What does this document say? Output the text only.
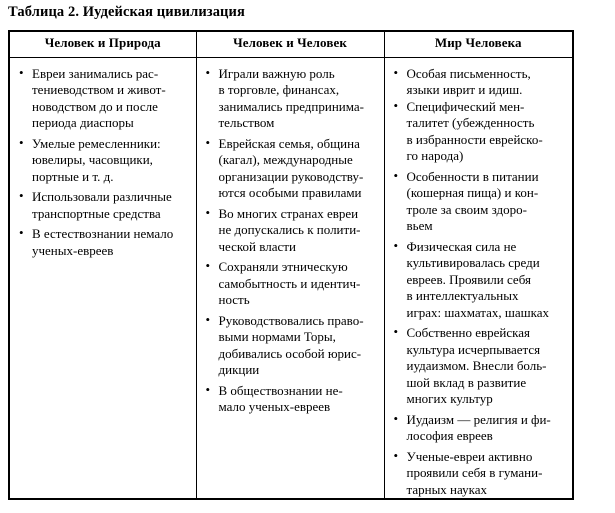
Таблица 2. Иудейская цивилизация
Человек и Природа	Человек и Человек	Мир Человека

• Евреи занимались рас-
тениеводством и живот-
новодством до и после
периода диаспоры
• Умелые ремесленники:
ювелиры, часовщики,
портные и т. д.
• Использовали различные
транспортные средства
• В естествознании немало
ученых-евреев

• Играли важную роль
в торговле, финансах,
занимались предпринима-
тельством
• Еврейская семья, община
(кагал), международные
организации руководству-
ются особыми правилами
• Во многих странах евреи
не допускались к полити-
ческой власти
• Сохраняли этническую
самобытность и идентич-
ность
• Руководствовались право-
выми нормами Торы,
добивались особой юрис-
дикции
• В обществознании не-
мало ученых-евреев

• Особая письменность,
языки иврит и идиш.
• Специфический мен-
талитет (убежденность
в избранности еврейско-
го народа)
• Особенности в питании
(кошерная пища) и кон-
троле за своим здоро-
вьем
• Физическая сила не
культивировалась среди
евреев. Проявили себя
в интеллектуальных
играх: шахматах, шашках
• Собственно еврейская
культура исчерпывается
иудаизмом. Внесли боль-
шой вклад в развитие
многих культур
• Иудаизм — религия и фи-
лософия евреев
• Ученые-евреи активно
проявили себя в гумани-
тарных науках
